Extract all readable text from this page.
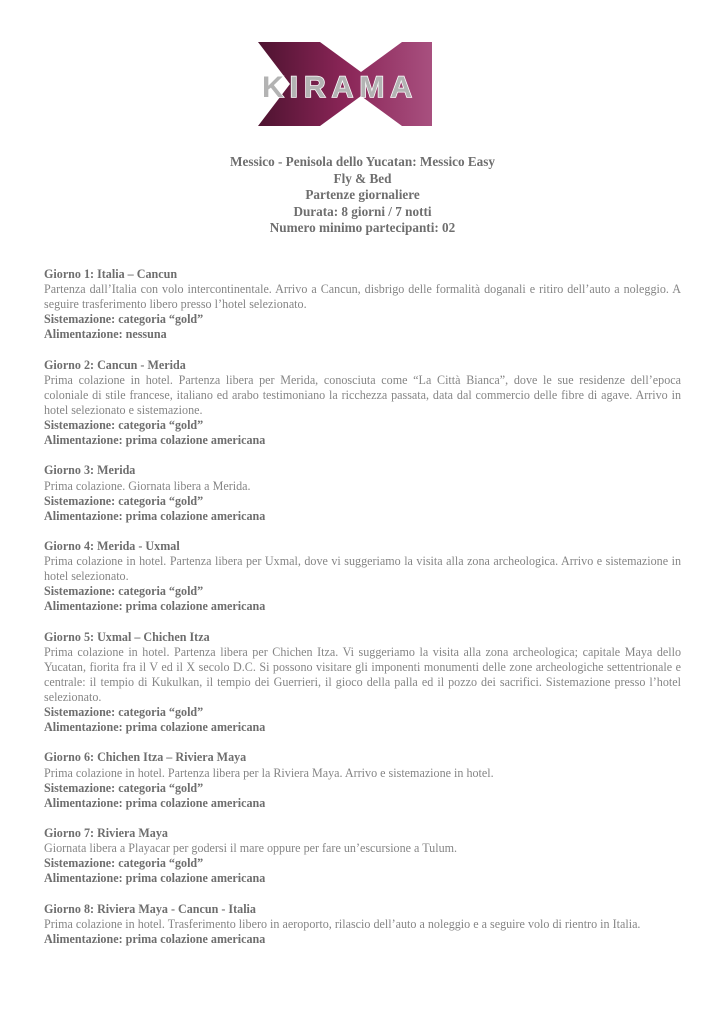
KIRAMA
Messico - Penisola dello Yucatan: Messico Easy
Fly & Bed
Partenze giornaliere
Durata: 8 giorni / 7 notti
Numero minimo partecipanti: 02
Giorno 1: Italia – Cancun
Partenza dall’Italia con volo intercontinentale. Arrivo a Cancun, disbrigo delle formalità doganali e ritiro dell’auto a noleggio. A seguire trasferimento libero presso l’hotel selezionato.
Sistemazione: categoria “gold”
Alimentazione: nessuna
Giorno 2: Cancun - Merida
Prima colazione in hotel. Partenza libera per Merida, conosciuta come “La Città Bianca”, dove le sue residenze dell’epoca coloniale di stile francese, italiano ed arabo testimoniano la ricchezza passata, data dal commercio delle fibre di agave. Arrivo in hotel selezionato e sistemazione.
Sistemazione: categoria “gold”
Alimentazione: prima colazione americana
Giorno 3: Merida
Prima colazione. Giornata libera a Merida.
Sistemazione: categoria “gold”
Alimentazione: prima colazione americana
Giorno 4: Merida - Uxmal
Prima colazione in hotel. Partenza libera per Uxmal, dove vi suggeriamo la visita alla zona archeologica. Arrivo e sistemazione in hotel selezionato.
Sistemazione: categoria “gold”
Alimentazione: prima colazione americana
Giorno 5: Uxmal – Chichen Itza
Prima colazione in hotel. Partenza libera per Chichen Itza. Vi suggeriamo la visita alla zona archeologica; capitale Maya dello Yucatan, fiorita fra il V ed il X secolo D.C. Si possono visitare gli imponenti monumenti delle zone archeologiche settentrionale e centrale: il tempio di Kukulkan, il tempio dei Guerrieri, il gioco della palla ed il pozzo dei sacrifici. Sistemazione presso l’hotel selezionato.
Sistemazione: categoria “gold”
Alimentazione: prima colazione americana
Giorno 6: Chichen Itza – Riviera Maya
Prima colazione in hotel. Partenza libera per la Riviera Maya. Arrivo e sistemazione in hotel.
Sistemazione: categoria “gold”
Alimentazione: prima colazione americana
Giorno 7: Riviera Maya
Giornata libera a Playacar per godersi il mare oppure per fare un’escursione a Tulum.
Sistemazione: categoria “gold”
Alimentazione: prima colazione americana
Giorno 8: Riviera Maya - Cancun - Italia
Prima colazione in hotel. Trasferimento libero in aeroporto, rilascio dell’auto a noleggio e a seguire volo di rientro in Italia.
Alimentazione: prima colazione americana
